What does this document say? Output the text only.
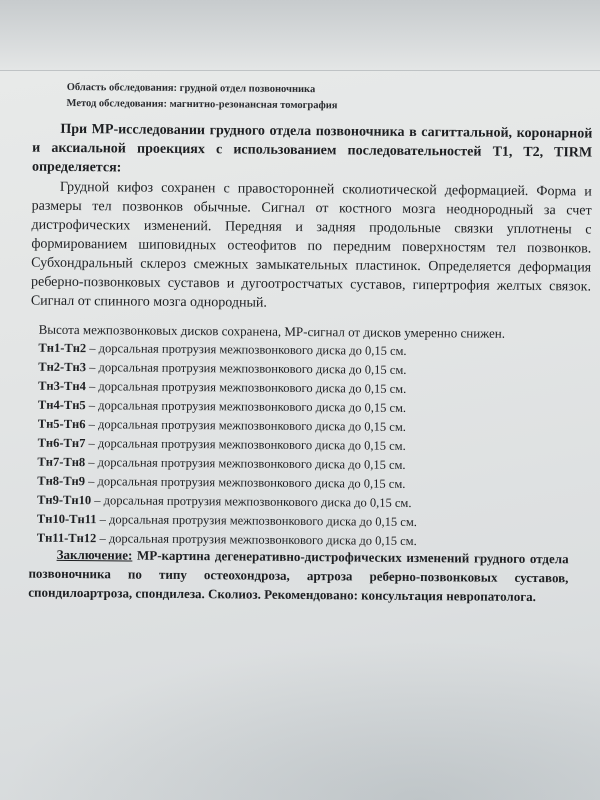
Область обследования: грудной отдел позвоночника
Метод обследования: магнитно-резонансная томография

При МР-исследовании грудного отдела позвоночника в сагиттальной, коронарной и аксиальной проекциях с использованием последовательностей T1, T2, TIRM определяется:

Грудной кифоз сохранен с правосторонней сколиотической деформацией. Форма и размеры тел позвонков обычные. Сигнал от костного мозга неоднородный за счет дистрофических изменений. Передняя и задняя продольные связки уплотнены с формированием шиповидных остеофитов по передним поверхностям тел позвонков. Субхондральный склероз смежных замыкательных пластинок. Определяется деформация реберно-позвонковых суставов и дугоотростчатых суставов, гипертрофия желтых связок. Сигнал от спинного мозга однородный.

Высота межпозвонковых дисков сохранена, МР-сигнал от дисков умеренно снижен.
Тн1-Тн2 – дорсальная протрузия межпозвонкового диска до 0,15 см.
Тн2-Тн3 – дорсальная протрузия межпозвонкового диска до 0,15 см.
Тн3-Тн4 – дорсальная протрузия межпозвонкового диска до 0,15 см.
Тн4-Тн5 – дорсальная протрузия межпозвонкового диска до 0,15 см.
Тн5-Тн6 – дорсальная протрузия межпозвонкового диска до 0,15 см.
Тн6-Тн7 – дорсальная протрузия межпозвонкового диска до 0,15 см.
Тн7-Тн8 – дорсальная протрузия межпозвонкового диска до 0,15 см.
Тн8-Тн9 – дорсальная протрузия межпозвонкового диска до 0,15 см.
Тн9-Тн10 – дорсальная протрузия межпозвонкового диска до 0,15 см.
Тн10-Тн11 – дорсальная протрузия межпозвонкового диска до 0,15 см.
Тн11-Тн12 – дорсальная протрузия межпозвонкового диска до 0,15 см.

Заключение: МР-картина дегенеративно-дистрофических изменений грудного отдела позвоночника по типу остеохондроза, артроза реберно-позвонковых суставов, спондилоартроза, спондилеза. Сколиоз. Рекомендовано: консультация невропатолога.
